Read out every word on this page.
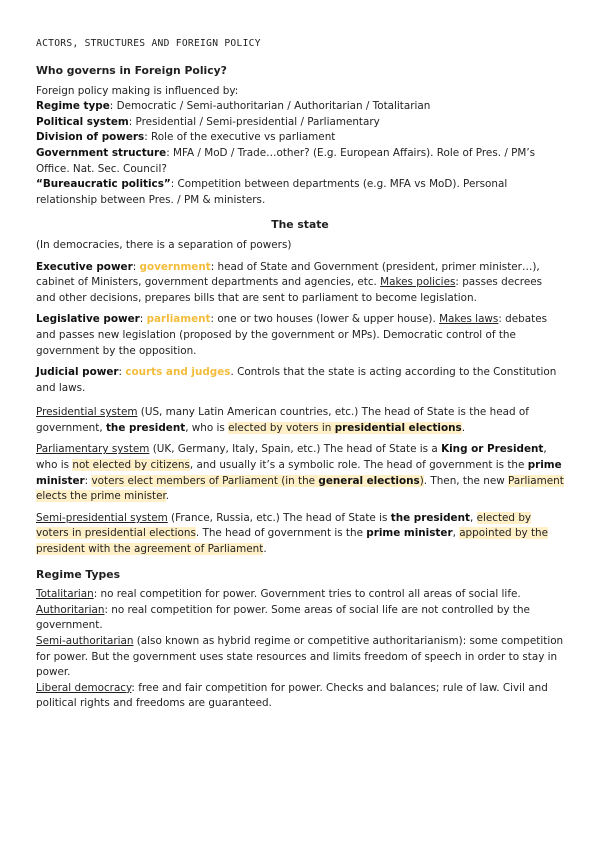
ACTORS, STRUCTURES AND FOREIGN POLICY
Who governs in Foreign Policy?

Foreign policy making is influenced by:

Regime type: Democratic / Semi-authoritarian / Authoritarian / Totalitarian

Political system: Presidential / Semi-presidential / Parliamentary

Division of powers: Role of the executive vs parliament

Government structure: MFA / MoD / Trade…other? (E.g. European Affairs). Role of Pres. / PM’s Office. Nat. Sec. Council?

“Bureaucratic politics”: Competition between departments (e.g. MFA vs MoD). Personal relationship between Pres. / PM & ministers.

The state

(In democracies, there is a separation of powers)

Executive power: government: head of State and Government (president, primer minister…), cabinet of Ministers, government departments and agencies, etc. Makes policies: passes decrees and other decisions, prepares bills that are sent to parliament to become legislation.

Legislative power: parliament: one or two houses (lower & upper house). Makes laws: debates and passes new legislation (proposed by the government or MPs). Democratic control of the government by the opposition.

Judicial power: courts and judges. Controls that the state is acting according to the Constitution and laws.

Presidential system (US, many Latin American countries, etc.) The head of State is the head of government, the president, who is elected by voters in presidential elections.

Parliamentary system (UK, Germany, Italy, Spain, etc.) The head of State is a King or President, who is not elected by citizens, and usually it’s a symbolic role. The head of government is the prime minister: voters elect members of Parliament (in the general elections). Then, the new Parliament elects the prime minister.

Semi-presidential system (France, Russia, etc.) The head of State is the president, elected by voters in presidential elections. The head of government is the prime minister, appointed by the president with the agreement of Parliament.

Regime Types

Totalitarian: no real competition for power. Government tries to control all areas of social life.

Authoritarian: no real competition for power. Some areas of social life are not controlled by the government.

Semi-authoritarian (also known as hybrid regime or competitive authoritarianism): some competition for power. But the government uses state resources and limits freedom of speech in order to stay in power.

Liberal democracy: free and fair competition for power. Checks and balances; rule of law. Civil and political rights and freedoms are guaranteed.
